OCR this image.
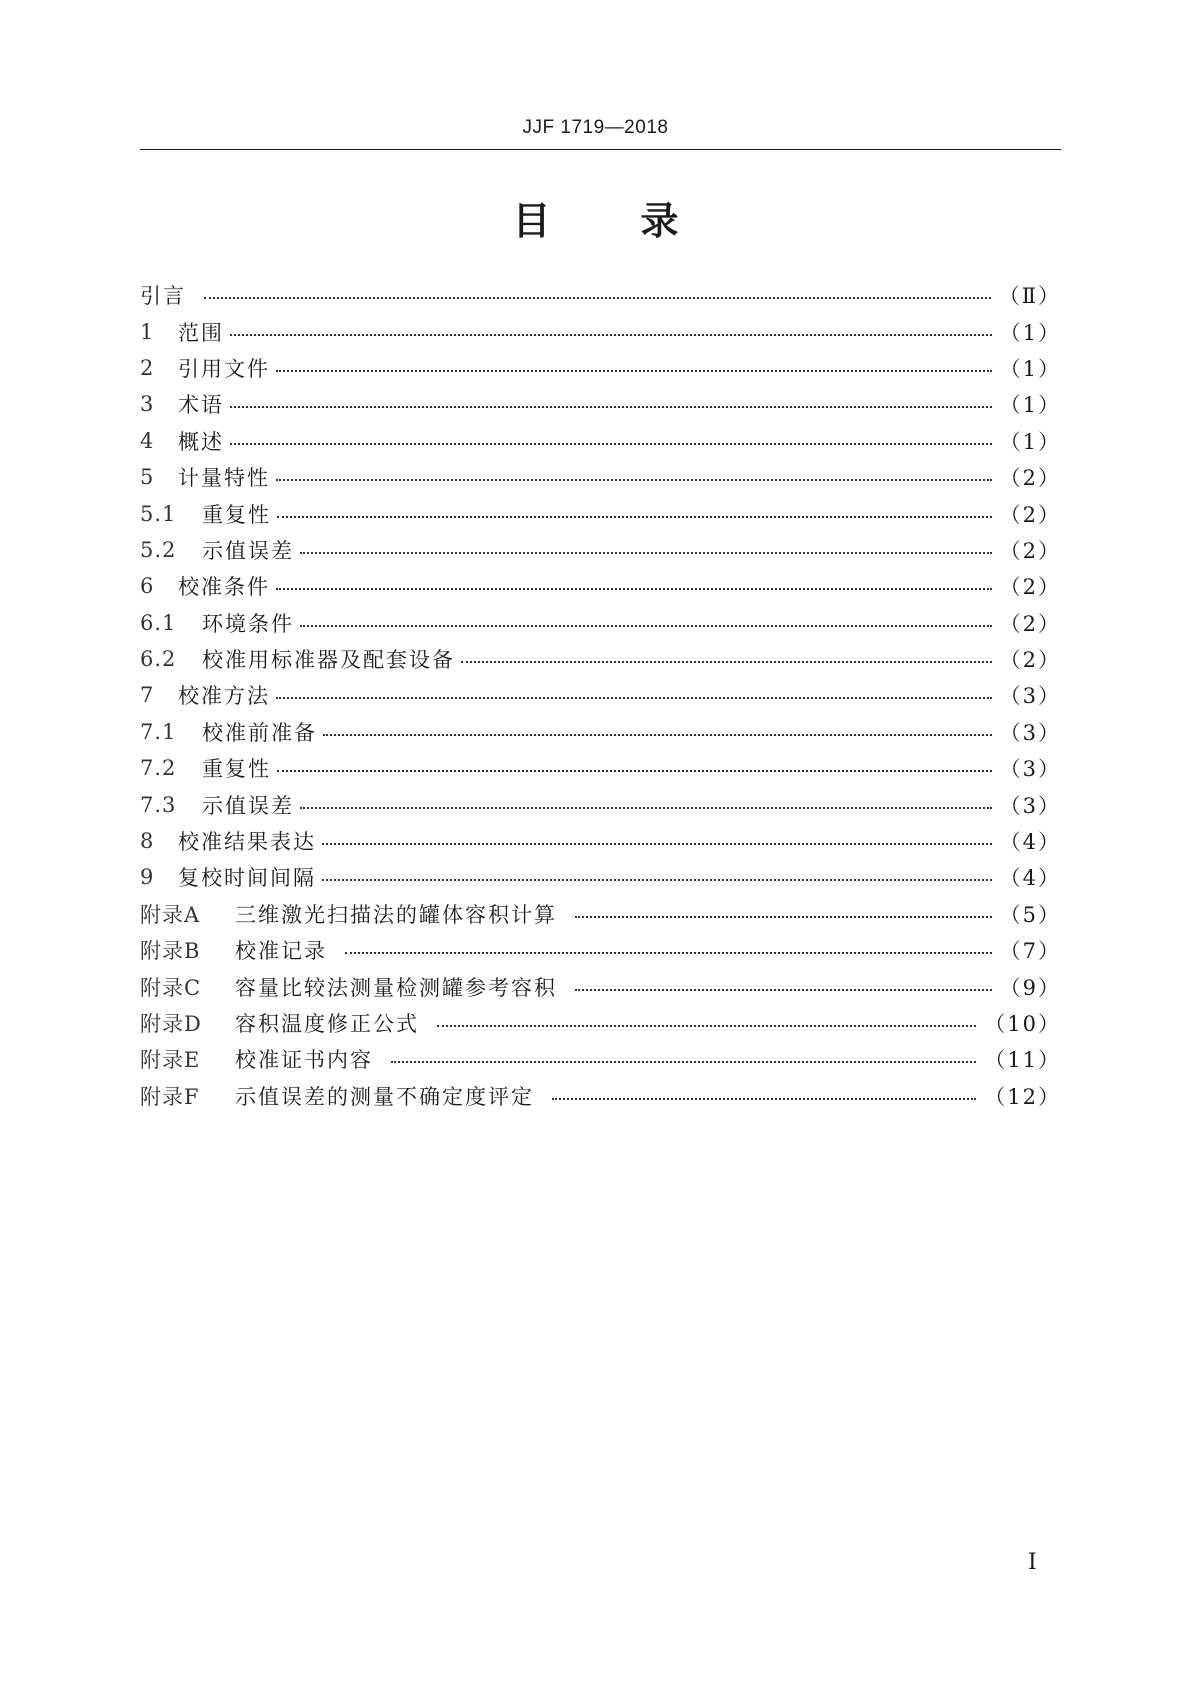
JJF 1719—2018
目 录
引言	（Ⅱ）
1	范围	（1）
2	引用文件	（1）
3	术语	（1）
4	概述	（1）
5	计量特性	（2）
5.1	重复性	（2）
5.2	示值误差	（2）
6	校准条件	（2）
6.1	环境条件	（2）
6.2	校准用标准器及配套设备	（2）
7	校准方法	（3）
7.1	校准前准备	（3）
7.2	重复性	（3）
7.3	示值误差	（3）
8	校准结果表达	（4）
9	复校时间间隔	（4）
附录A	三维激光扫描法的罐体容积计算	（5）
附录B	校准记录	（7）
附录C	容量比较法测量检测罐参考容积	（9）
附录D	容积温度修正公式	（10）
附录E	校准证书内容	（11）
附录F	示值误差的测量不确定度评定	（12）
I
